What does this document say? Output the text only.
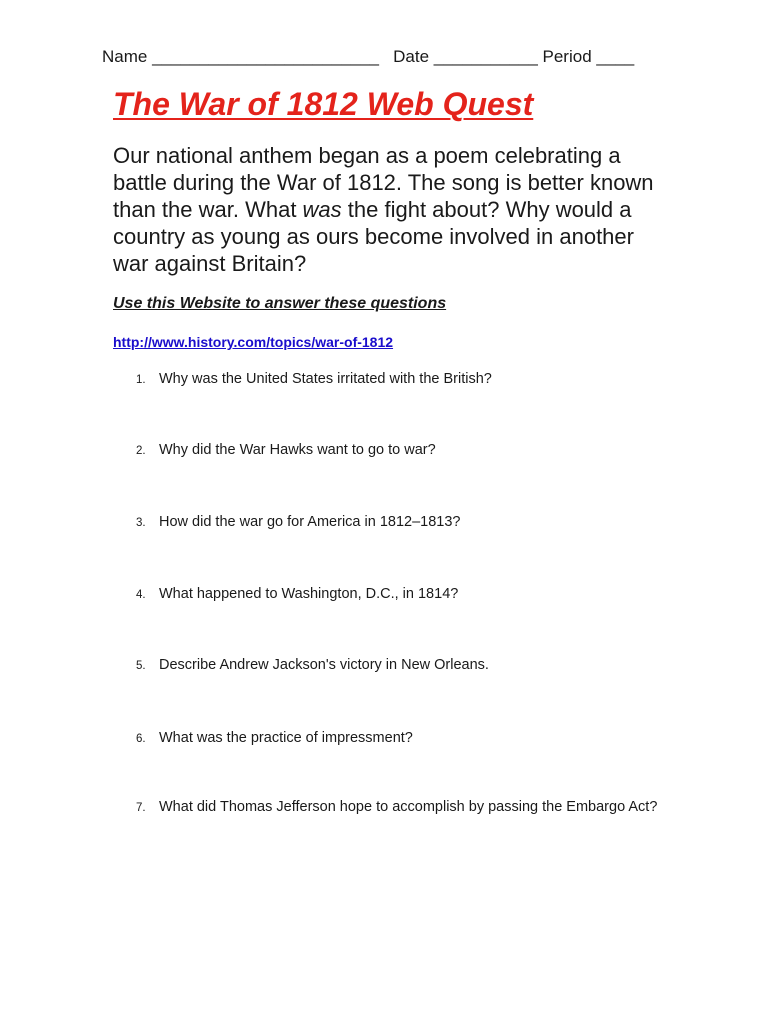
Name ________________________   Date ___________ Period ____
The War of 1812 Web Quest
Our national anthem began as a poem celebrating a battle during the War of 1812. The song is better known than the war. What was the fight about? Why would a country as young as ours become involved in another war against Britain?
Use this Website to answer these questions
http://www.history.com/topics/war-of-1812
1. Why was the United States irritated with the British?
2. Why did the War Hawks want to go to war?
3. How did the war go for America in 1812–1813?
4. What happened to Washington, D.C., in 1814?
5. Describe Andrew Jackson's victory in New Orleans.
6. What was the practice of impressment?
7. What did Thomas Jefferson hope to accomplish by passing the Embargo Act?
